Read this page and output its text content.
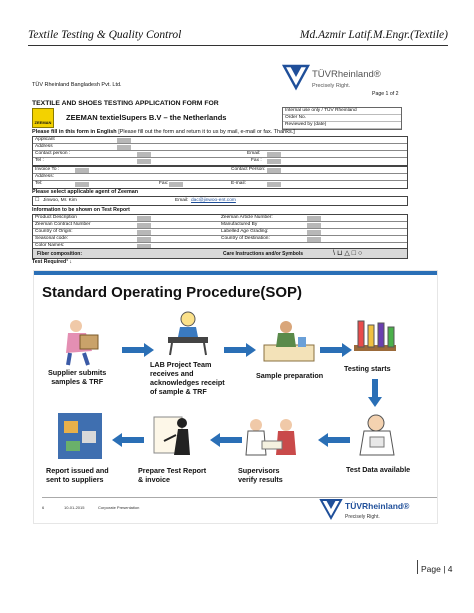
Textile Testing & Quality Control	Md.Azmir Latif.M.Engr.(Textile)
TÜV Rheinland Bangladesh Pvt. Ltd.
TÜVRheinland®
Precisely Right.
Page 1 of 2
TEXTILE AND SHOES TESTING APPLICATION FORM FOR
ZEEMAN
ZEEMAN textielSupers B.V – the Netherlands
Internal use only / TÜV Rheinland
Order No.
Reviewed by (date)
Please fill in this form in English [Please fill out the form and return it to us by mail, e-mail or fax. Thanks.]
Applicant
Address
Contact person :	Email:
Tel :	Fax :
Invoice To :	Contact Person:
Address:
Tel:	Fax:	E-mail:
Please select applicable agent of Zeeman
☐ Jinwoo, Mr. Kim	Email: dac@jinwoo-ent.com
Information to be shown on Test Report
Product Description	Zeeman Article Number:
Zeeman Contract Number	Manufactured By
Country of Origin:	Labelled Age Grading:
Seasonal code:	Country of Destination:
Color Names:
Fiber composition:	Care Instructions and/or Symbols	\⊔△□○
Test Required¹ ↓
Standard Operating Procedure(SOP)
Supplier submits
samples & TRF
LAB Project Team
receives and
acknowledges receipt
of sample & TRF
Sample preparation
Testing starts
Test Data available
Supervisors
verify results
Prepare Test Report
& invoice
Report issued and
sent to suppliers
6	10-01-2015	Corporate Presentation	TÜVRheinland®
Precisely Right.
Page | 4
